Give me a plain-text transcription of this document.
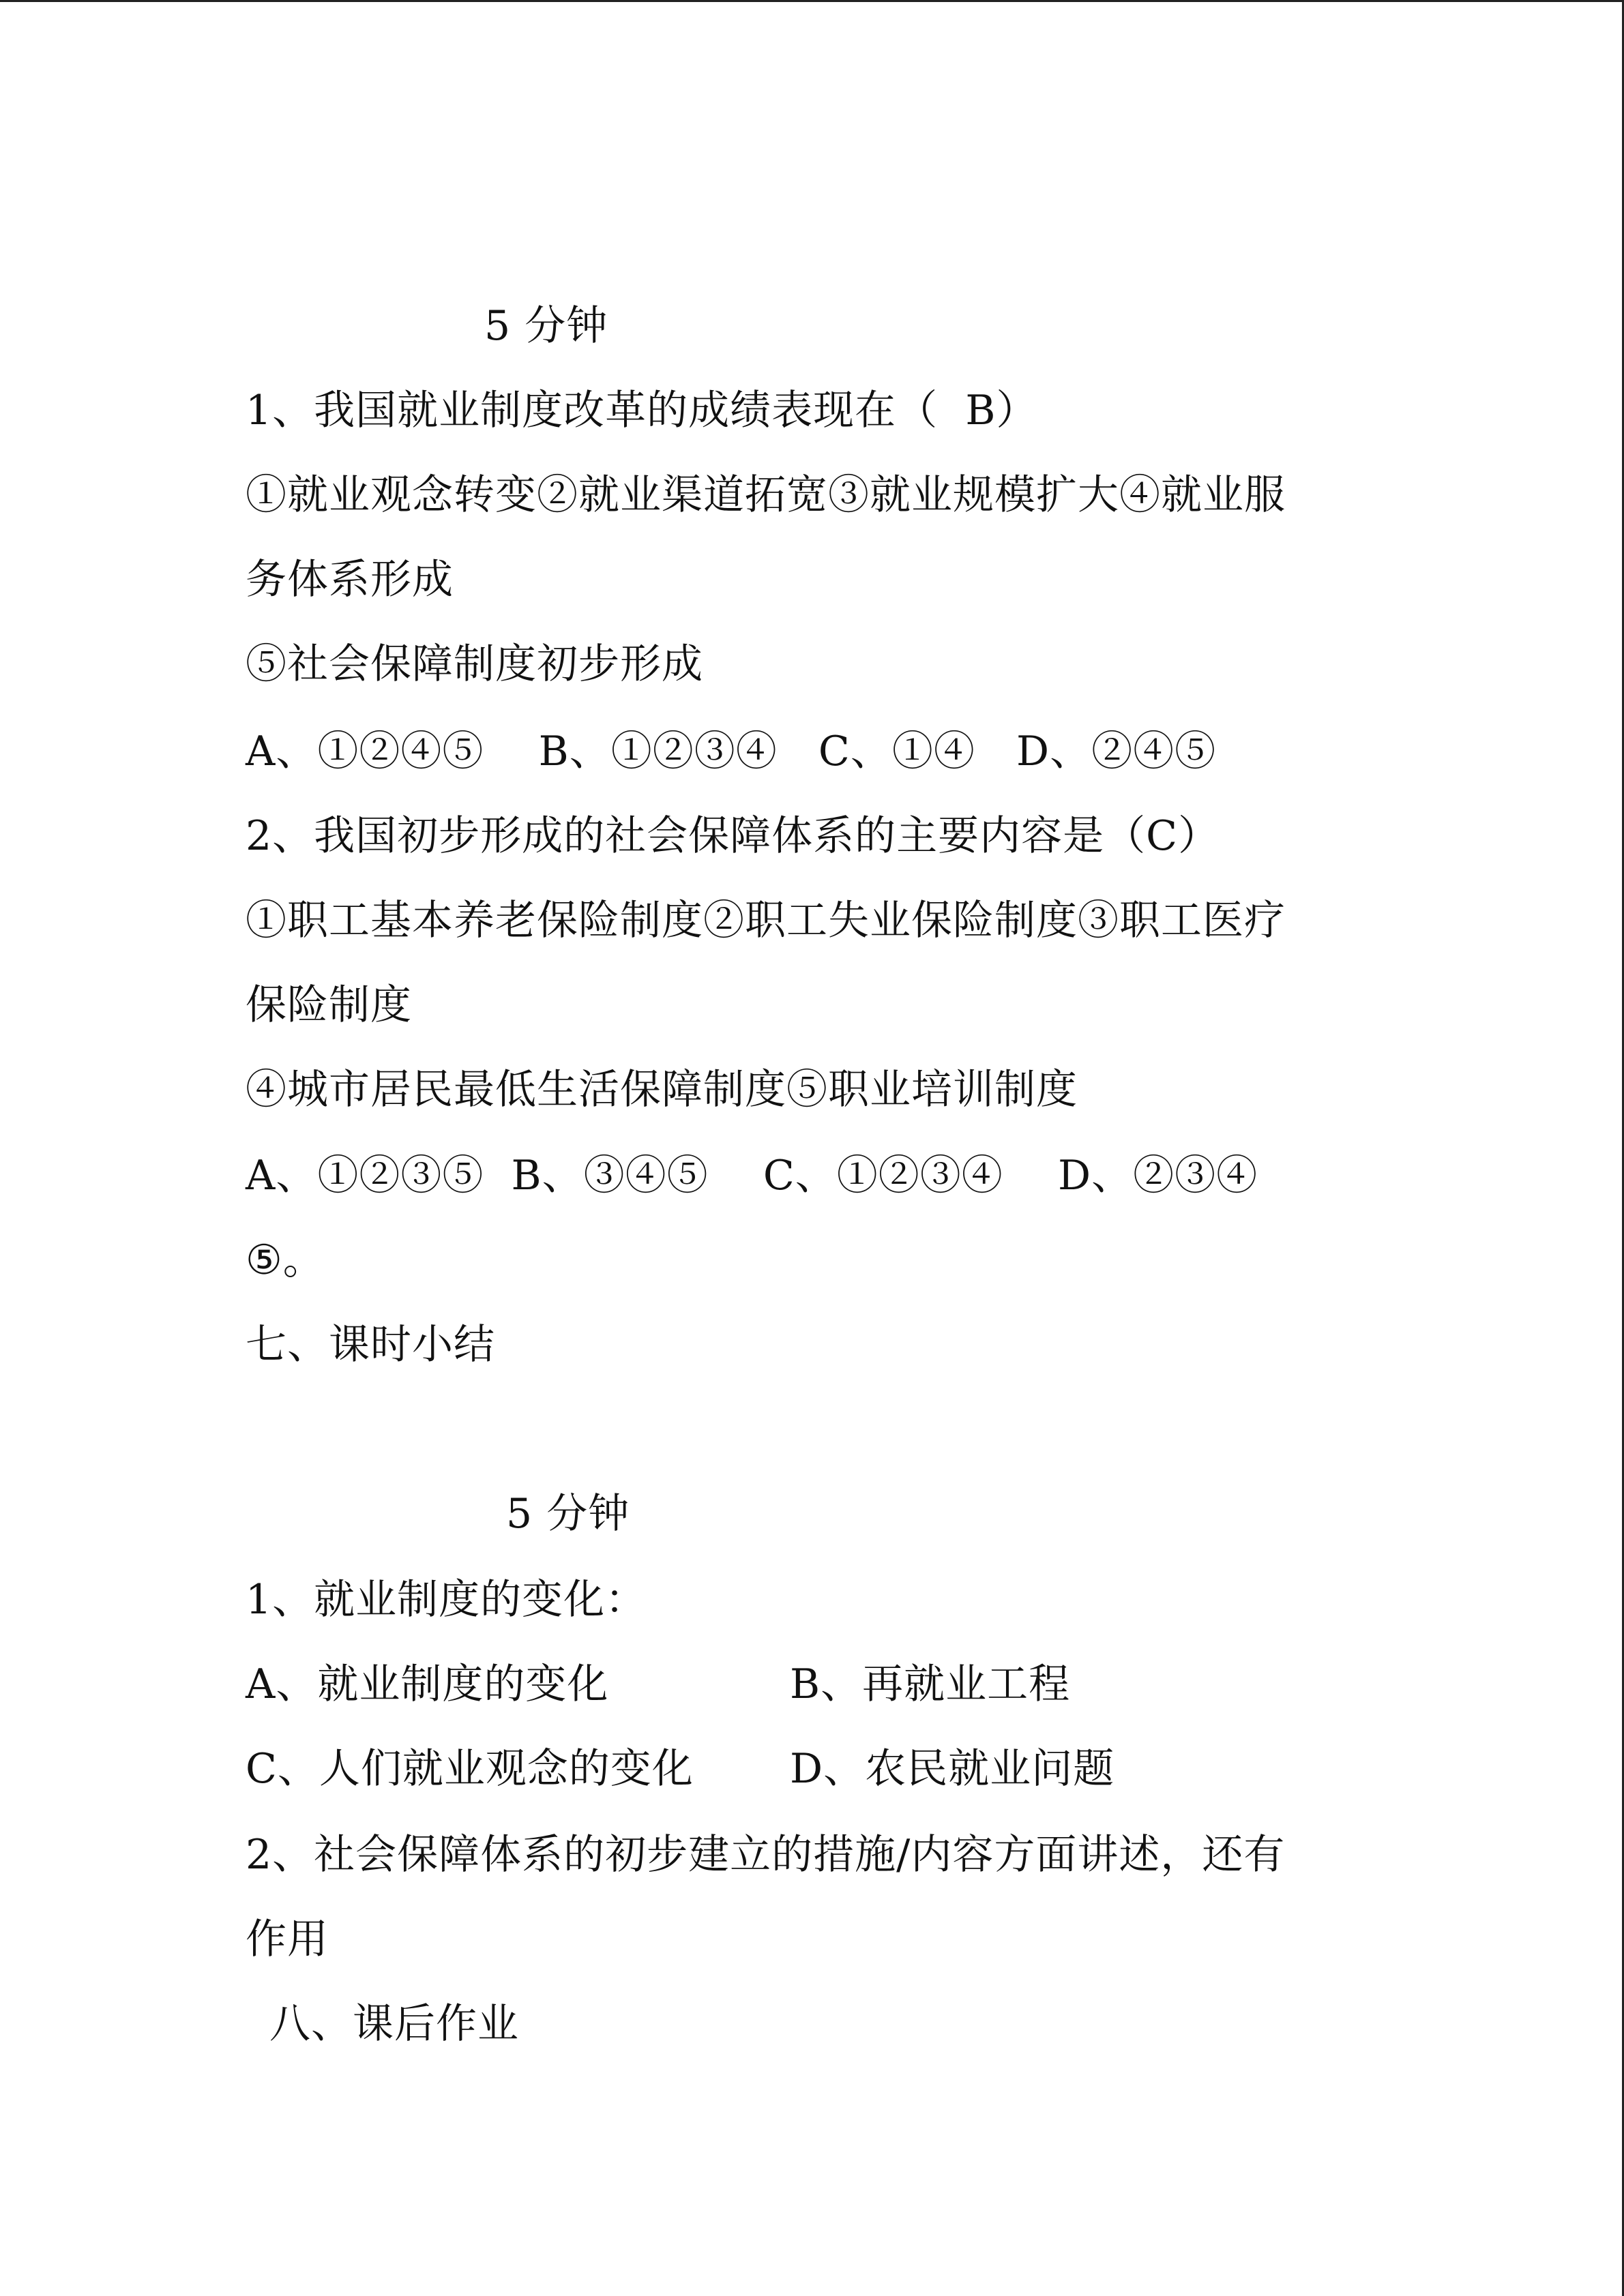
5 分钟
1、我国就业制度改革的成绩表现在（  B）
①就业观念转变②就业渠道拓宽③就业规模扩大④就业服
务体系形成
⑤社会保障制度初步形成
A、①②④⑤    B、①②③④   C、①④   D、②④⑤
2、我国初步形成的社会保障体系的主要内容是（C）
①职工基本养老保险制度②职工失业保险制度③职工医疗
保险制度
④城市居民最低生活保障制度⑤职业培训制度
A、①②③⑤  B、③④⑤    C、①②③④    D、②③④
⑤。
七、课时小结
5 分钟
1、就业制度的变化：
A、就业制度的变化	B、再就业工程
C、人们就业观念的变化 D、农民就业问题
2、社会保障体系的初步建立的措施/内容方面讲述，还有
作用
八、课后作业
